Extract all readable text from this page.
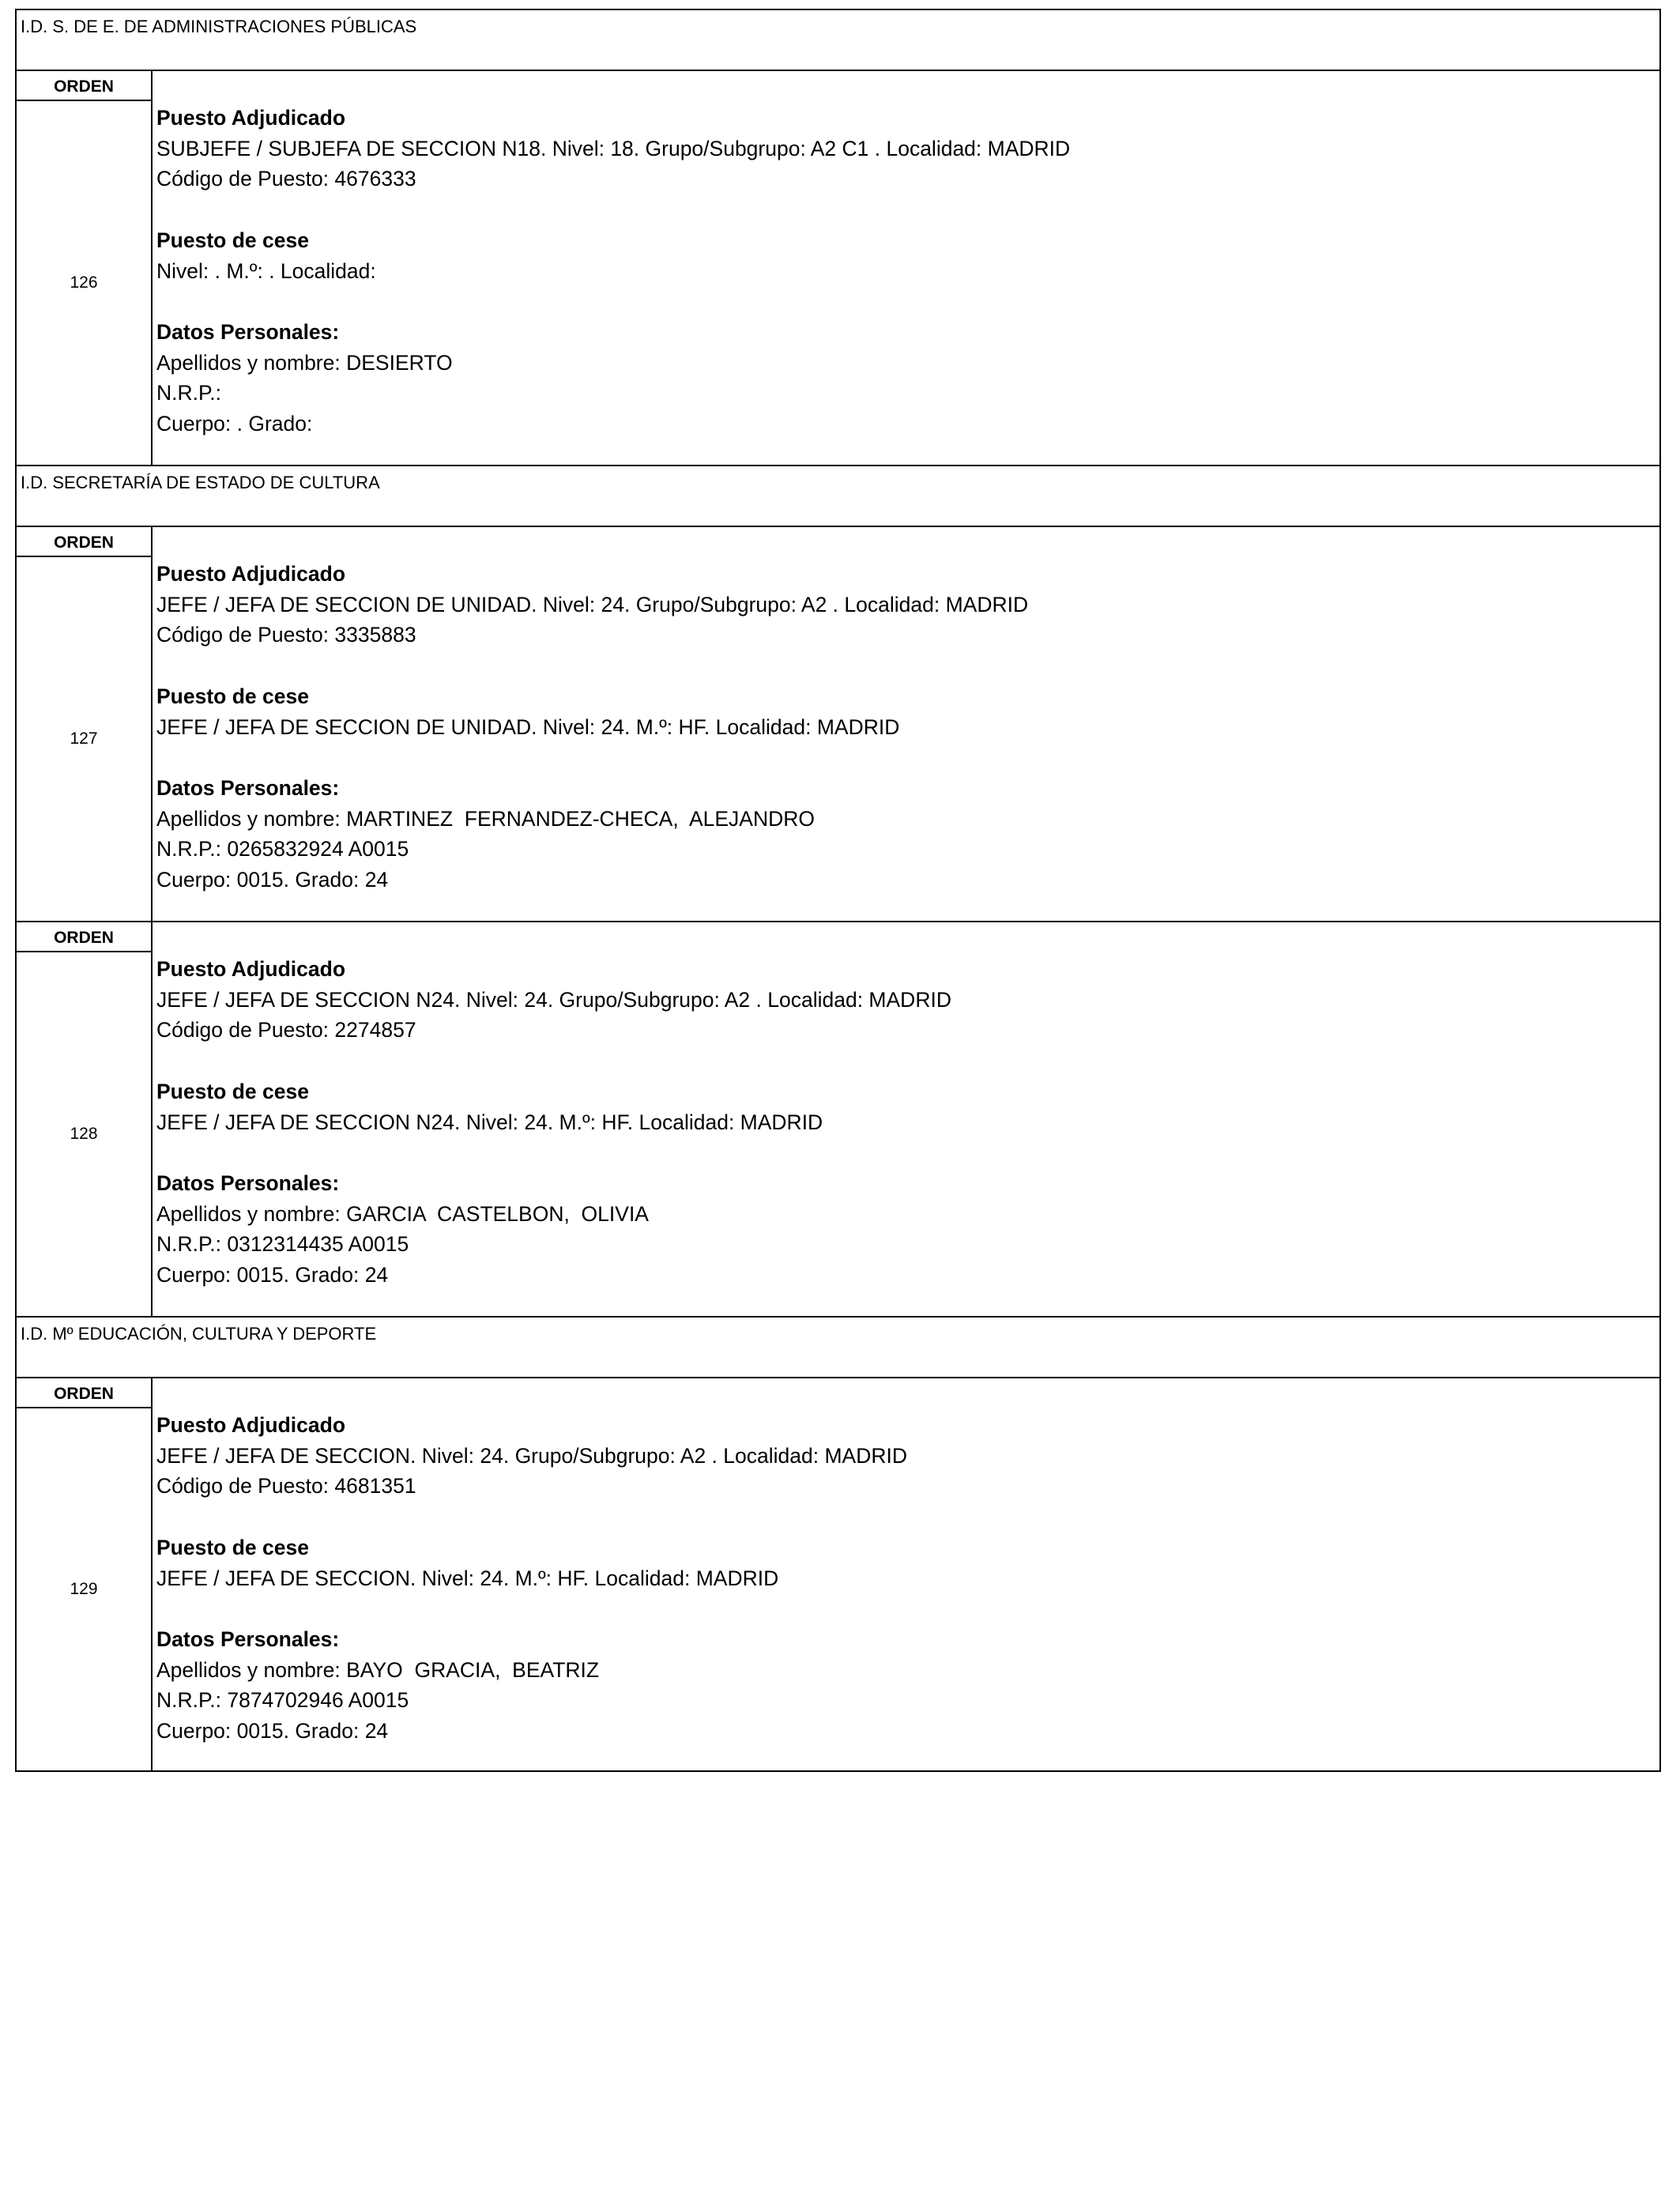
I.D. S. DE E. DE ADMINISTRACIONES PÚBLICAS
ORDEN
126
Puesto Adjudicado
SUBJEFE / SUBJEFA DE SECCION N18. Nivel: 18. Grupo/Subgrupo: A2 C1 . Localidad: MADRID
Código de Puesto: 4676333
Puesto de cese
Nivel: . M.º: . Localidad:
Datos Personales:
Apellidos y nombre: DESIERTO
N.R.P.:
Cuerpo: . Grado:
I.D. SECRETARÍA DE ESTADO DE CULTURA
ORDEN
127
Puesto Adjudicado
JEFE / JEFA DE SECCION DE UNIDAD. Nivel: 24. Grupo/Subgrupo: A2 . Localidad: MADRID
Código de Puesto: 3335883
Puesto de cese
JEFE / JEFA DE SECCION DE UNIDAD. Nivel: 24. M.º: HF. Localidad: MADRID
Datos Personales:
Apellidos y nombre: MARTINEZ  FERNANDEZ-CHECA,  ALEJANDRO
N.R.P.: 0265832924 A0015
Cuerpo: 0015. Grado: 24
ORDEN
128
Puesto Adjudicado
JEFE / JEFA DE SECCION N24. Nivel: 24. Grupo/Subgrupo: A2 . Localidad: MADRID
Código de Puesto: 2274857
Puesto de cese
JEFE / JEFA DE SECCION N24. Nivel: 24. M.º: HF. Localidad: MADRID
Datos Personales:
Apellidos y nombre: GARCIA  CASTELBON,  OLIVIA
N.R.P.: 0312314435 A0015
Cuerpo: 0015. Grado: 24
I.D. Mº EDUCACIÓN, CULTURA Y DEPORTE
ORDEN
129
Puesto Adjudicado
JEFE / JEFA DE SECCION. Nivel: 24. Grupo/Subgrupo: A2 . Localidad: MADRID
Código de Puesto: 4681351
Puesto de cese
JEFE / JEFA DE SECCION. Nivel: 24. M.º: HF. Localidad: MADRID
Datos Personales:
Apellidos y nombre: BAYO  GRACIA,  BEATRIZ
N.R.P.: 7874702946 A0015
Cuerpo: 0015. Grado: 24
